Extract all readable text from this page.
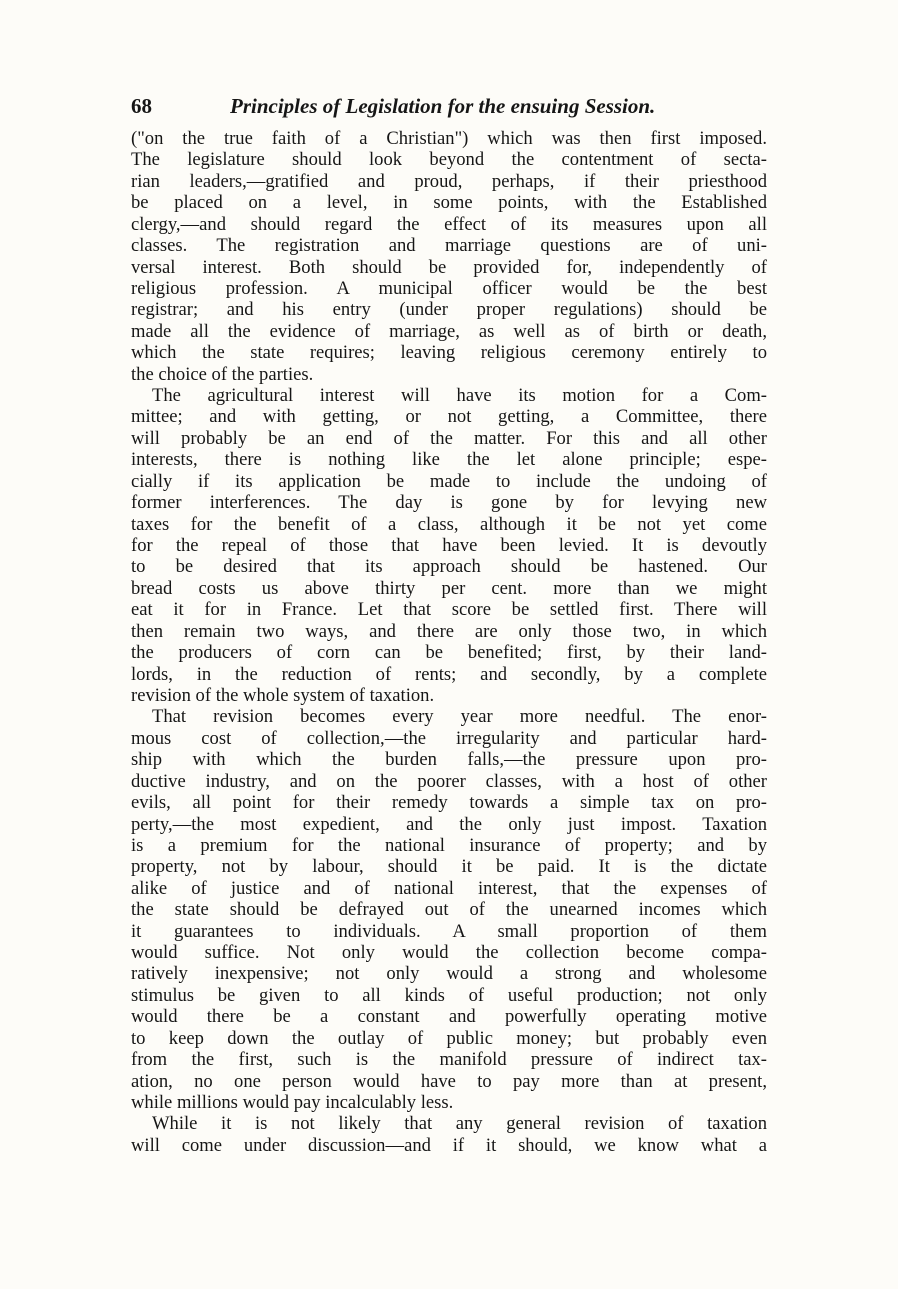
68	Principles of Legislation for the ensuing Session.
("on the true faith of a Christian") which was then first imposed.
The legislature should look beyond the contentment of secta-
rian leaders,—gratified and proud, perhaps, if their priesthood
be placed on a level, in some points, with the Established
clergy,—and should regard the effect of its measures upon all
classes. The registration and marriage questions are of uni-
versal interest. Both should be provided for, independently of
religious profession. A municipal officer would be the best
registrar; and his entry (under proper regulations) should be
made all the evidence of marriage, as well as of birth or death,
which the state requires; leaving religious ceremony entirely to
the choice of the parties.
The agricultural interest will have its motion for a Com-
mittee; and with getting, or not getting, a Committee, there
will probably be an end of the matter. For this and all other
interests, there is nothing like the let alone principle; espe-
cially if its application be made to include the undoing of
former interferences. The day is gone by for levying new
taxes for the benefit of a class, although it be not yet come
for the repeal of those that have been levied. It is devoutly
to be desired that its approach should be hastened. Our
bread costs us above thirty per cent. more than we might
eat it for in France. Let that score be settled first. There will
then remain two ways, and there are only those two, in which
the producers of corn can be benefited; first, by their land-
lords, in the reduction of rents; and secondly, by a complete
revision of the whole system of taxation.
That revision becomes every year more needful. The enor-
mous cost of collection,—the irregularity and particular hard-
ship with which the burden falls,—the pressure upon pro-
ductive industry, and on the poorer classes, with a host of other
evils, all point for their remedy towards a simple tax on pro-
perty,—the most expedient, and the only just impost. Taxation
is a premium for the national insurance of property; and by
property, not by labour, should it be paid. It is the dictate
alike of justice and of national interest, that the expenses of
the state should be defrayed out of the unearned incomes which
it guarantees to individuals. A small proportion of them
would suffice. Not only would the collection become compa-
ratively inexpensive; not only would a strong and wholesome
stimulus be given to all kinds of useful production; not only
would there be a constant and powerfully operating motive
to keep down the outlay of public money; but probably even
from the first, such is the manifold pressure of indirect tax-
ation, no one person would have to pay more than at present,
while millions would pay incalculably less.
While it is not likely that any general revision of taxation
will come under discussion—and if it should, we know what a
